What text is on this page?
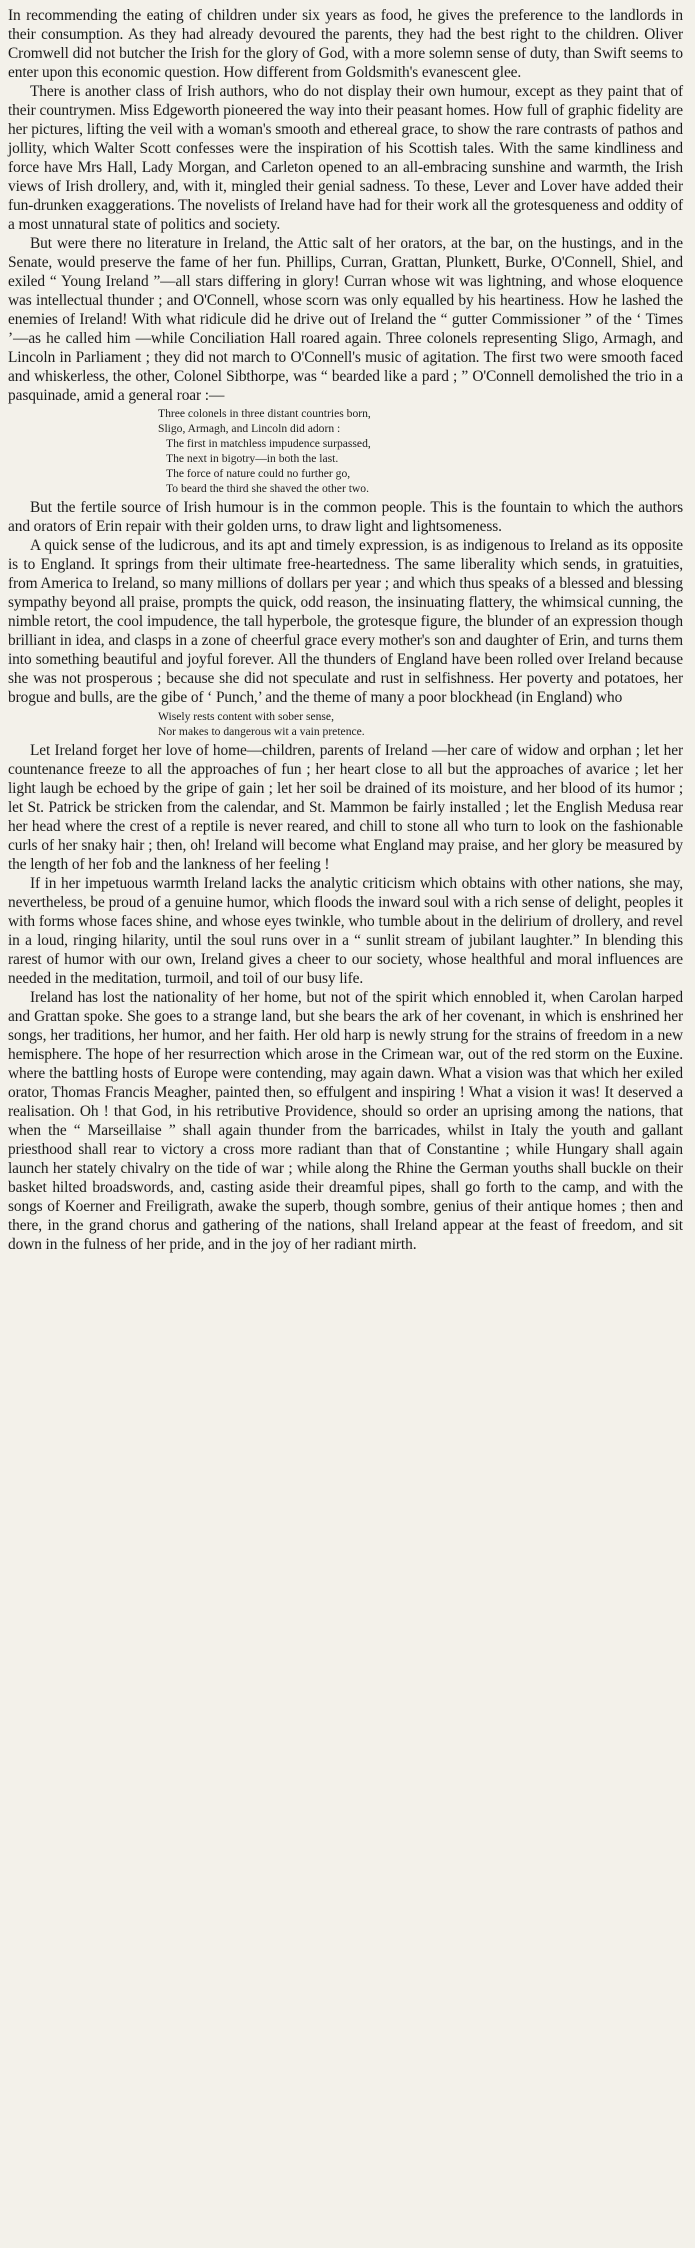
In recommending the eating of children under six years as food, he gives the preference to the landlords in their consumption. As they had already devoured the parents, they had the best right to the children. Oliver Cromwell did not butcher the Irish for the glory of God, with a more solemn sense of duty, than Swift seems to enter upon this economic question. How different from Goldsmith's evanescent glee.

There is another class of Irish authors, who do not display their own humour, except as they paint that of their countrymen. Miss Edgeworth pioneered the way into their peasant homes. How full of graphic fidelity are her pictures, lifting the veil with a woman's smooth and ethereal grace, to show the rare contrasts of pathos and jollity, which Walter Scott confesses were the inspiration of his Scottish tales. With the same kindliness and force have Mrs Hall, Lady Morgan, and Carleton opened to an all-embracing sunshine and warmth, the Irish views of Irish drollery, and, with it, mingled their genial sadness. To these, Lever and Lover have added their fun-drunken exaggerations. The novelists of Ireland have had for their work all the grotesqueness and oddity of a most unnatural state of politics and society.

But were there no literature in Ireland, the Attic salt of her orators, at the bar, on the hustings, and in the Senate, would preserve the fame of her fun. Phillips, Curran, Grattan, Plunkett, Burke, O'Connell, Shiel, and exiled “ Young Ireland ”—all stars differing in glory! Curran whose wit was lightning, and whose eloquence was intellectual thunder ; and O'Connell, whose scorn was only equalled by his heartiness. How he lashed the enemies of Ireland! With what ridicule did he drive out of Ireland the “ gutter Commissioner ” of the ‘ Times ’—as he called him —while Conciliation Hall roared again. Three colonels representing Sligo, Armagh, and Lincoln in Parliament ; they did not march to O'Connell's music of agitation. The first two were smooth faced and whiskerless, the other, Colonel Sibthorpe, was “ bearded like a pard ; ” O'Connell demolished the trio in a pasquinade, amid a general roar :—

Three colonels in three distant countries born,
Sligo, Armagh, and Lincoln did adorn :
The first in matchless impudence surpassed,
The next in bigotry—in both the last.
The force of nature could no further go,
To beard the third she shaved the other two.

But the fertile source of Irish humour is in the common people. This is the fountain to which the authors and orators of Erin repair with their golden urns, to draw light and lightsomeness.

A quick sense of the ludicrous, and its apt and timely expression, is as indigenous to Ireland as its opposite is to England. It springs from their ultimate free-heartedness. The same liberality which sends, in gratuities, from America to Ireland, so many millions of dollars per year ; and which thus speaks of a blessed and blessing sympathy beyond all praise, prompts the quick, odd reason, the insinuating flattery, the whimsical cunning, the nimble retort, the cool impudence, the tall hyperbole, the grotesque figure, the blunder of an expression though brilliant in idea, and clasps in a zone of cheerful grace every mother's son and daughter of Erin, and turns them into something beautiful and joyful forever. All the thunders of England have been rolled over Ireland because she was not prosperous ; because she did not speculate and rust in selfishness. Her poverty and potatoes, her brogue and bulls, are the gibe of ‘ Punch,’ and the theme of many a poor blockhead (in England) who

Wisely rests content with sober sense,
Nor makes to dangerous wit a vain pretence.

Let Ireland forget her love of home—children, parents of Ireland —her care of widow and orphan ; let her countenance freeze to all the approaches of fun ; her heart close to all but the approaches of avarice ; let her light laugh be echoed by the gripe of gain ; let her soil be drained of its moisture, and her blood of its humor ; let St. Patrick be stricken from the calendar, and St. Mammon be fairly installed ; let the English Medusa rear her head where the crest of a reptile is never reared, and chill to stone all who turn to look on the fashionable curls of her snaky hair ; then, oh! Ireland will become what England may praise, and her glory be measured by the length of her fob and the lankness of her feeling !

If in her impetuous warmth Ireland lacks the analytic criticism which obtains with other nations, she may, nevertheless, be proud of a genuine humor, which floods the inward soul with a rich sense of delight, peoples it with forms whose faces shine, and whose eyes twinkle, who tumble about in the delirium of drollery, and revel in a loud, ringing hilarity, until the soul runs over in a “ sunlit stream of jubilant laughter.” In blending this rarest of humor with our own, Ireland gives a cheer to our society, whose healthful and moral influences are needed in the meditation, turmoil, and toil of our busy life.

Ireland has lost the nationality of her home, but not of the spirit which ennobled it, when Carolan harped and Grattan spoke. She goes to a strange land, but she bears the ark of her covenant, in which is enshrined her songs, her traditions, her humor, and her faith. Her old harp is newly strung for the strains of freedom in a new hemisphere. The hope of her resurrection which arose in the Crimean war, out of the red storm on the Euxine. where the battling hosts of Europe were contending, may again dawn. What a vision was that which her exiled orator, Thomas Francis Meagher, painted then, so effulgent and inspiring ! What a vision it was! It deserved a realisation. Oh ! that God, in his retributive Providence, should so order an uprising among the nations, that when the “ Marseillaise ” shall again thunder from the barricades, whilst in Italy the youth and gallant priesthood shall rear to victory a cross more radiant than that of Constantine ; while Hungary shall again launch her stately chivalry on the tide of war ; while along the Rhine the German youths shall buckle on their basket hilted broadswords, and, casting aside their dreamful pipes, shall go forth to the camp, and with the songs of Koerner and Freiligrath, awake the superb, though sombre, genius of their antique homes ; then and there, in the grand chorus and gathering of the nations, shall Ireland appear at the feast of freedom, and sit down in the fulness of her pride, and in the joy of her radiant mirth.
